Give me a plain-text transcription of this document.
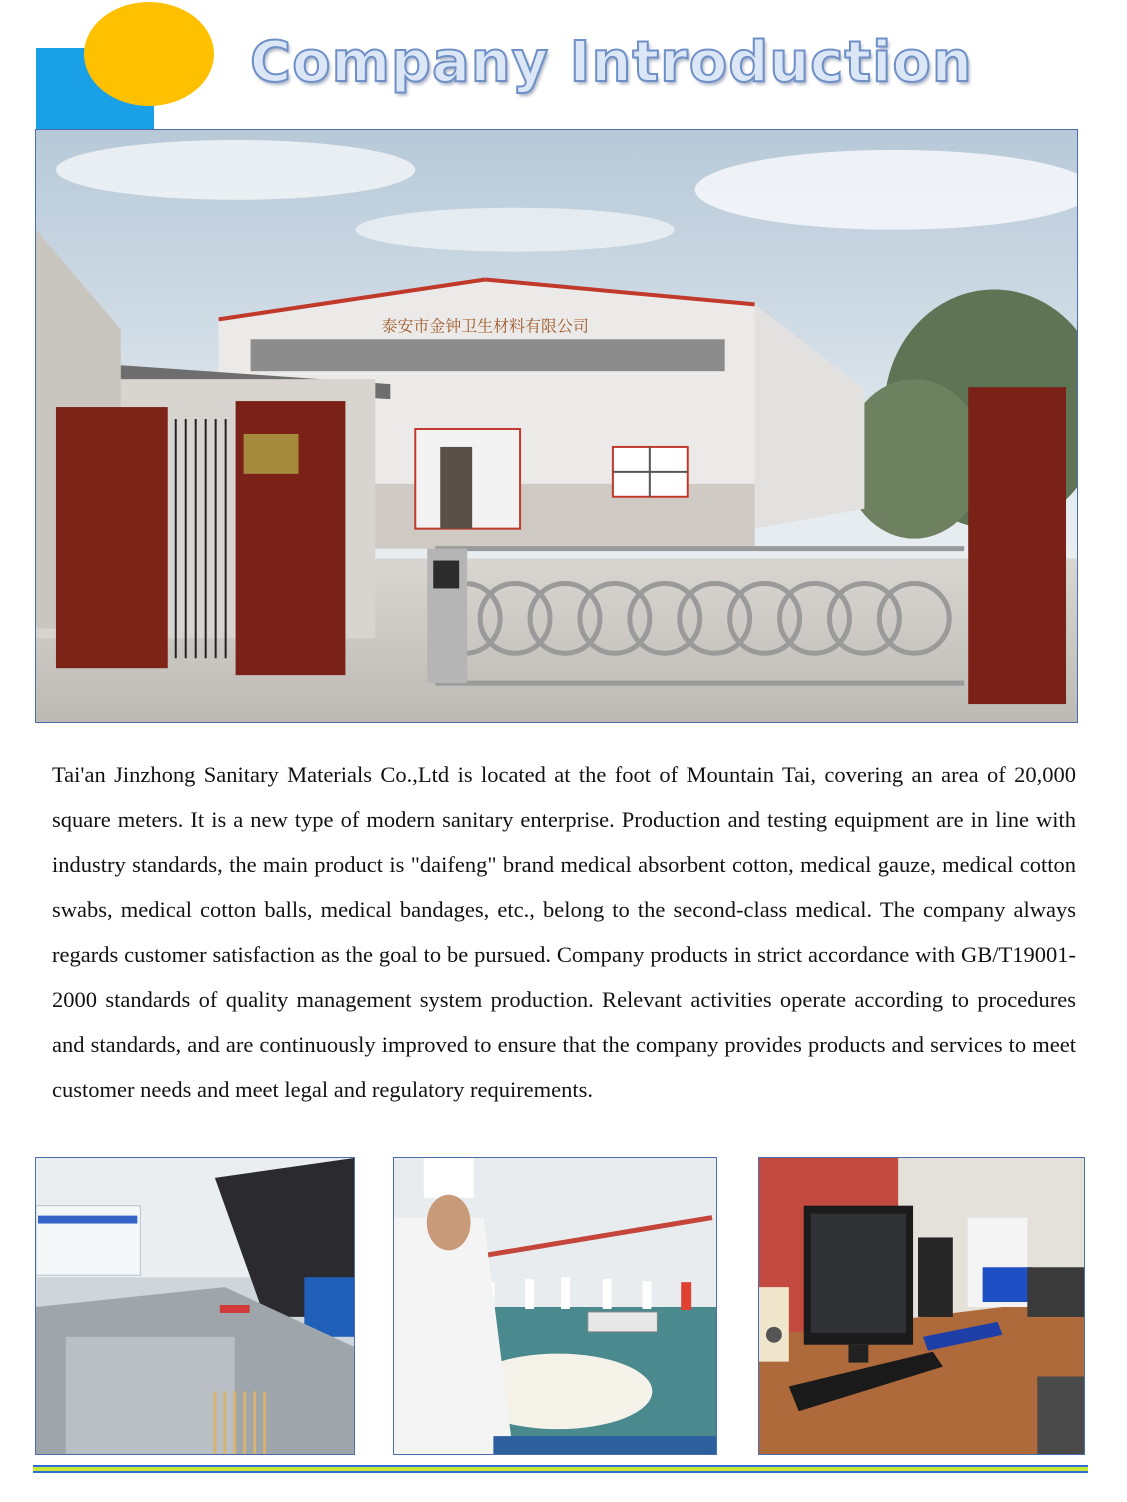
Company Introduction
泰安市金钟卫生材料有限公司

Tai'an Jinzhong Sanitary Materials Co.,Ltd is located at the foot of Mountain Tai, covering an area of 20,000 square meters. It is a new type of modern sanitary enterprise. Production and testing equipment are in line with industry standards, the main product is "daifeng" brand medical absorbent cotton, medical gauze, medical cotton swabs, medical cotton balls, medical bandages, etc., belong to the second-class medical. The company always regards customer satisfaction as the goal to be pursued. Company products in strict accordance with GB/T19001-2000 standards of quality management system production. Relevant activities operate according to procedures and standards, and are continuously improved to ensure that the company provides products and services to meet customer needs and meet legal and regulatory requirements.
